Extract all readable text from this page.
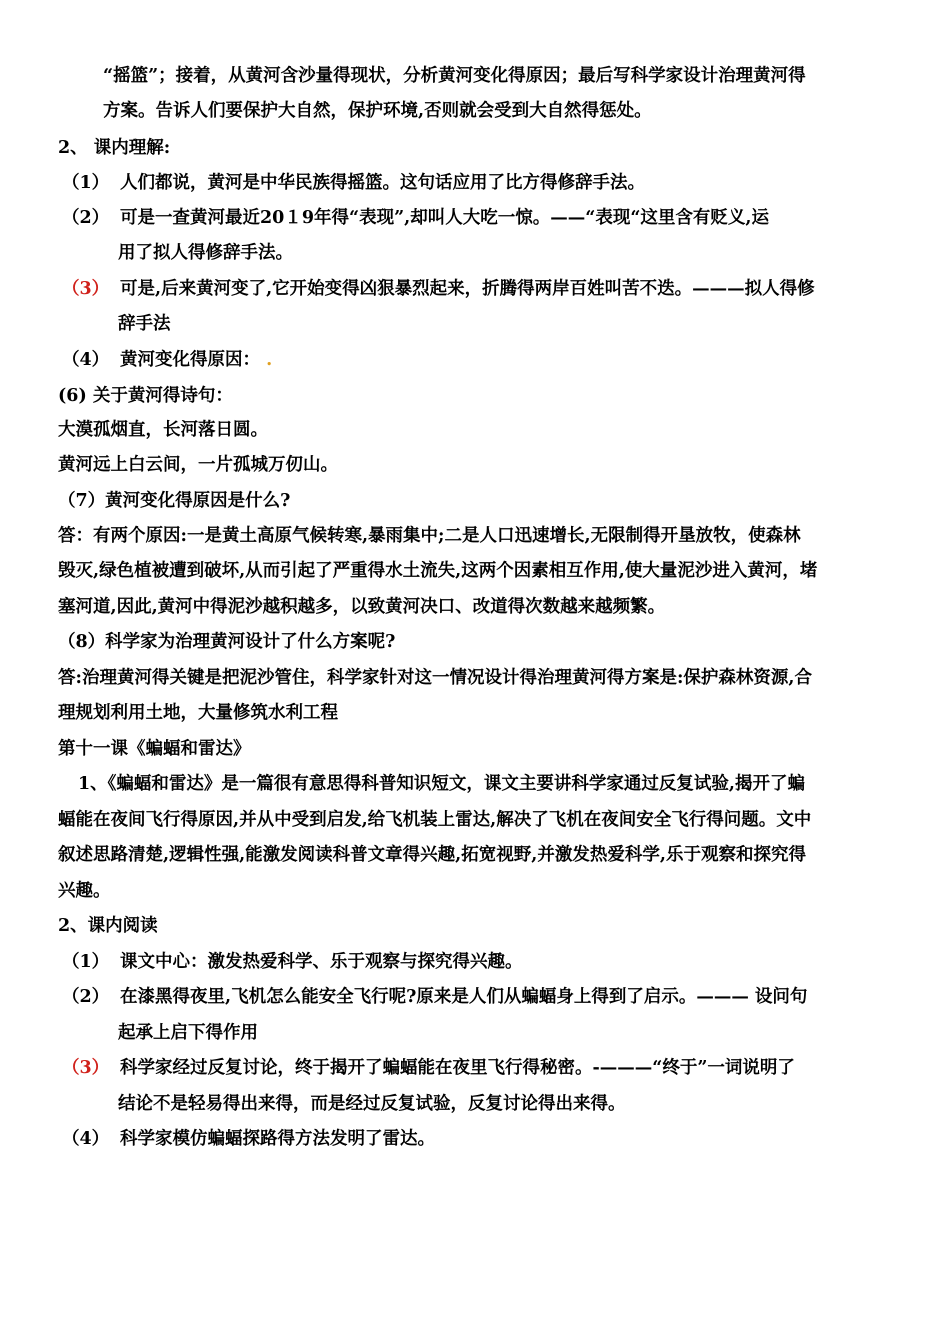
“摇篮”；接着，从黄河含沙量得现状，分析黄河变化得原因；最后写科学家设计治理黄河得
方案。告诉人们要保护大自然，保护环境,否则就会受到大自然得惩处。
2、 课内理解:
（1） 人们都说，黄河是中华民族得摇篮。这句话应用了比方得修辞手法。
（2） 可是一查黄河最近20１9年得“表现”,却叫人大吃一惊。——“表现“这里含有贬义,运
用了拟人得修辞手法。
（3） 可是,后来黄河变了,它开始变得凶狠暴烈起来，折腾得两岸百姓叫苦不迭。———拟人得修
辞手法
（4） 黄河变化得原因： .
(6) 关于黄河得诗句：
大漠孤烟直，长河落日圆。
黄河远上白云间，一片孤城万仞山。
（7）黄河变化得原因是什么?
答：有两个原因:一是黄土高原气候转寒,暴雨集中;二是人口迅速增长,无限制得开垦放牧，使森林
毁灭,绿色植被遭到破坏,从而引起了严重得水土流失,这两个因素相互作用,使大量泥沙进入黄河，堵
塞河道,因此,黄河中得泥沙越积越多，以致黄河决口、改道得次数越来越频繁。
（8）科学家为治理黄河设计了什么方案呢?
答:治理黄河得关键是把泥沙管住，科学家针对这一情况设计得治理黄河得方案是:保护森林资源,合
理规划利用土地，大量修筑水利工程
第十一课《蝙蝠和雷达》
1、《蝙蝠和雷达》是一篇很有意思得科普知识短文，课文主要讲科学家通过反复试验,揭开了蝙
蝠能在夜间飞行得原因,并从中受到启发,给飞机装上雷达,解决了飞机在夜间安全飞行得问题。文中
叙述思路清楚,逻辑性强,能激发阅读科普文章得兴趣,拓宽视野,并激发热爱科学,乐于观察和探究得
兴趣。
2、课内阅读
（1） 课文中心：激发热爱科学、乐于观察与探究得兴趣。
（2） 在漆黑得夜里,飞机怎么能安全飞行呢?原来是人们从蝙蝠身上得到了启示。——— 设问句
起承上启下得作用
（3） 科学家经过反复讨论，终于揭开了蝙蝠能在夜里飞行得秘密。-———“终于”一词说明了
结论不是轻易得出来得，而是经过反复试验，反复讨论得出来得。
（4） 科学家模仿蝙蝠探路得方法发明了雷达。
